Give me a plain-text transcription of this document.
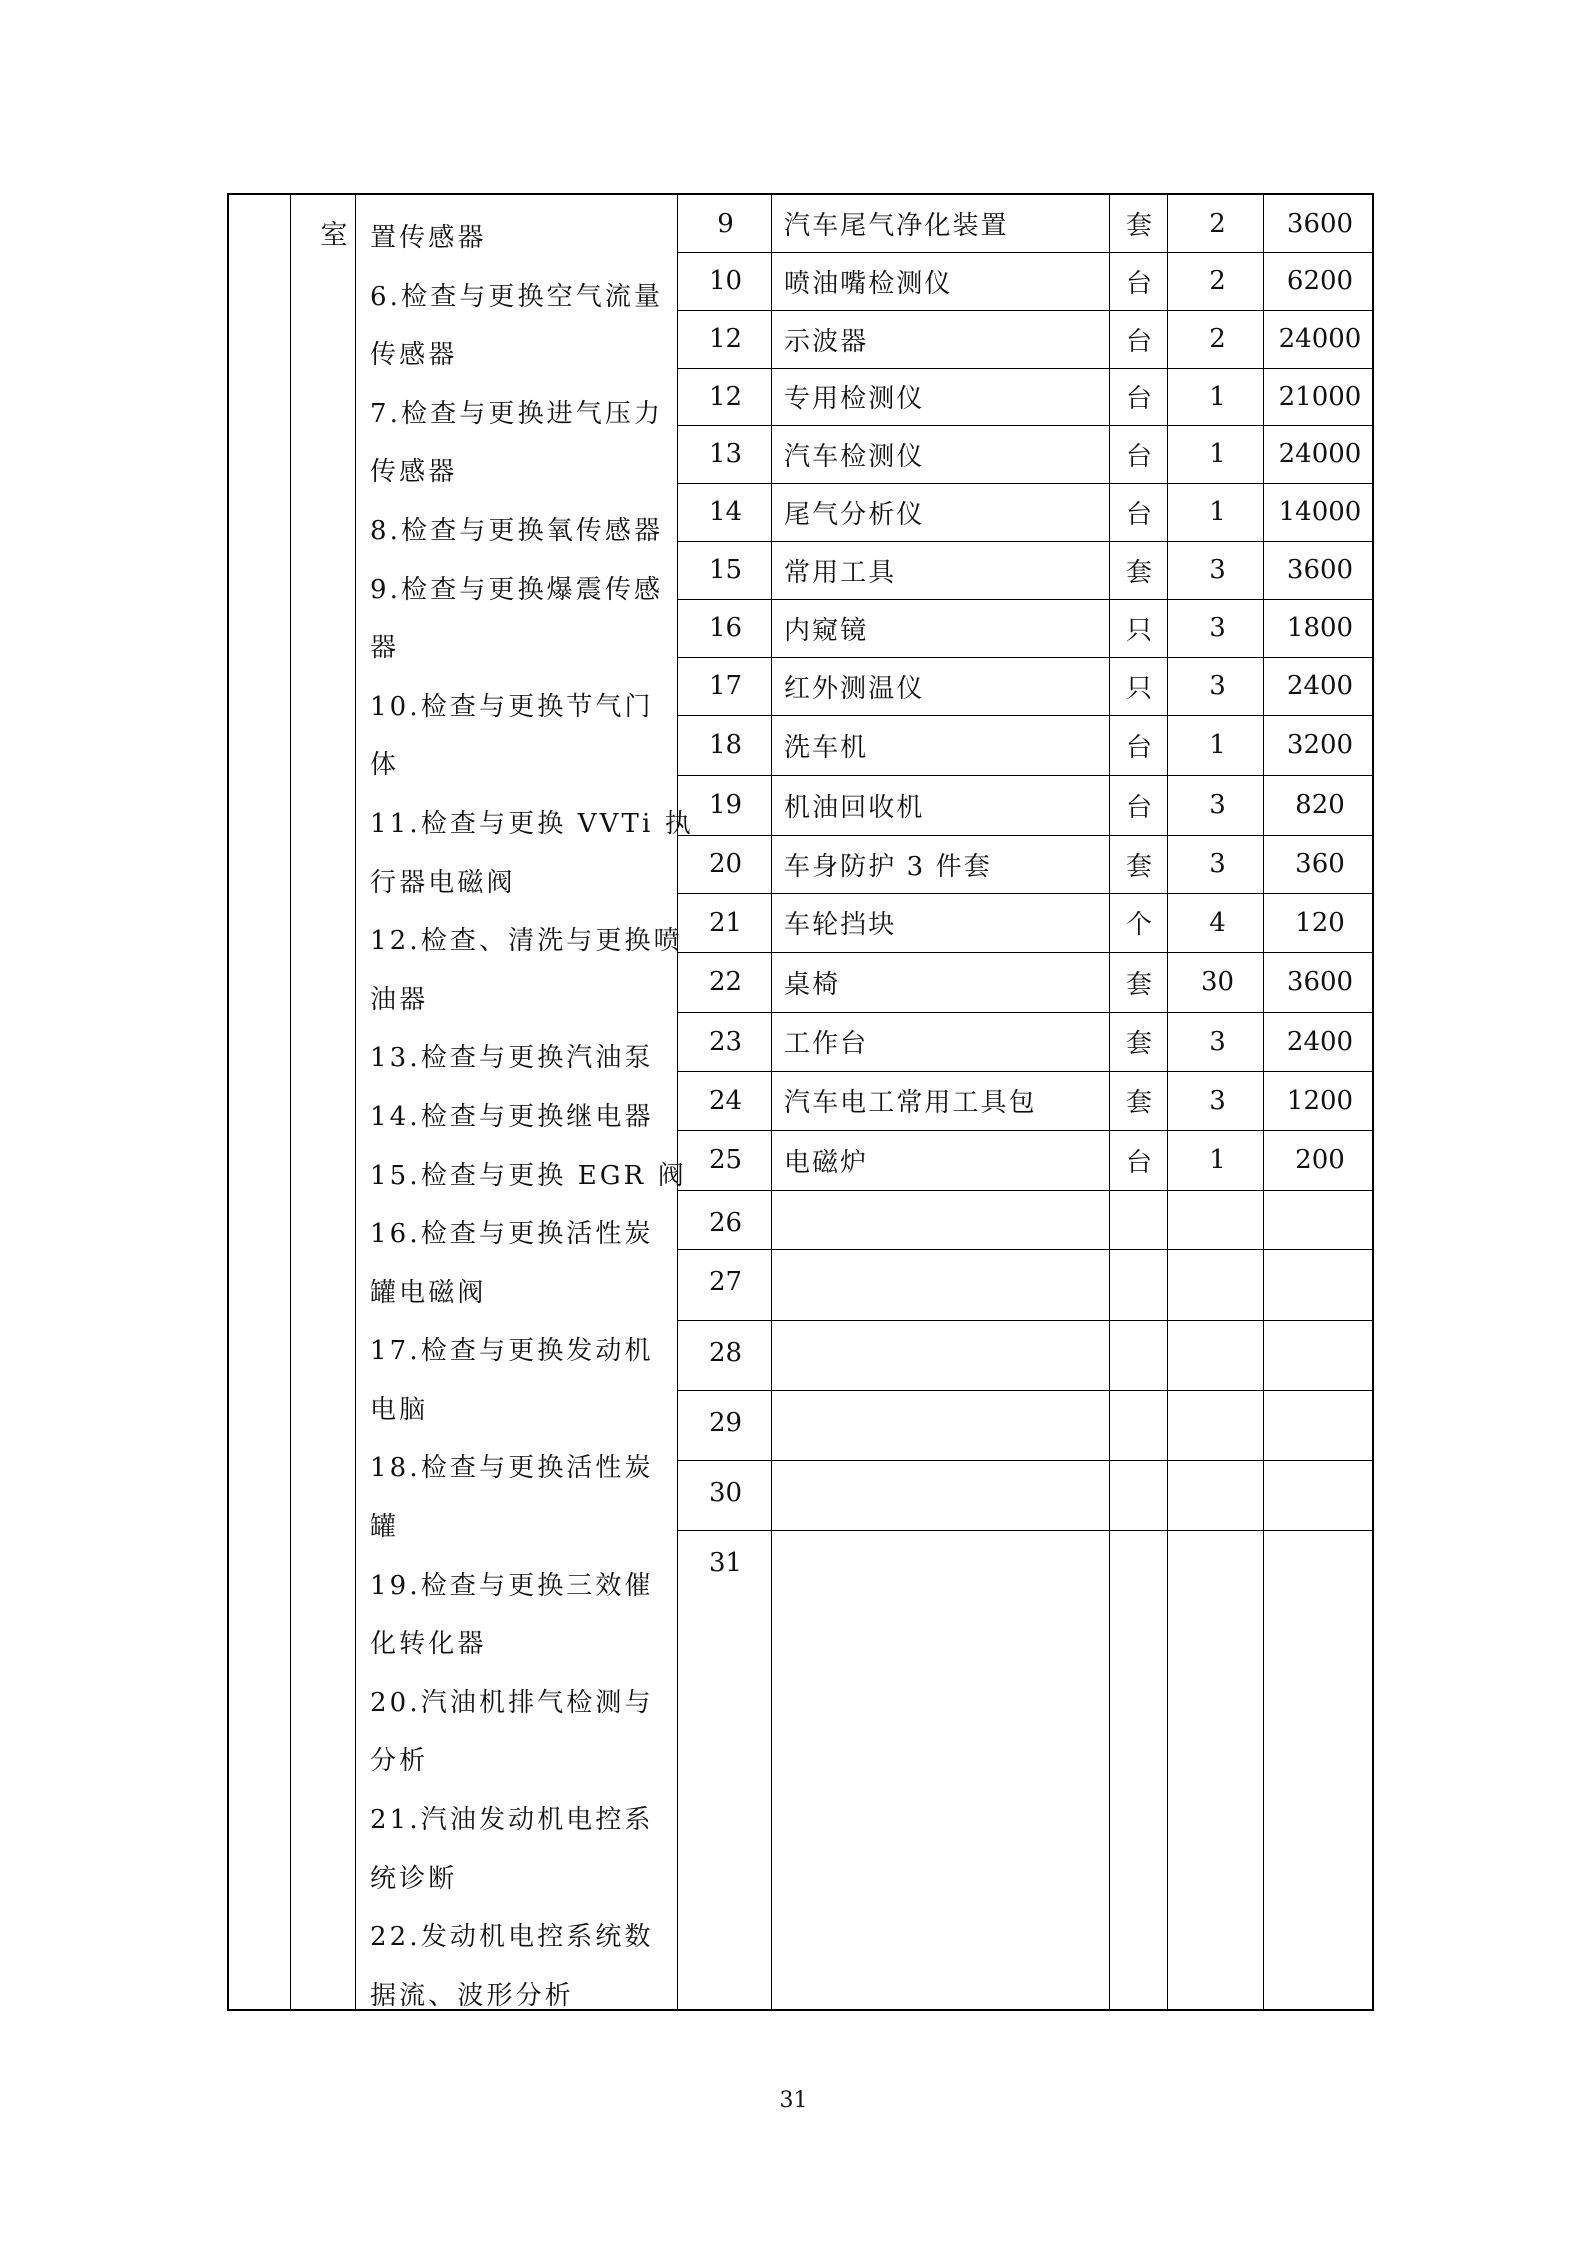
室 置传感器
6.检查与更换空气流量
传感器
7.检查与更换进气压力
传感器
8.检查与更换氧传感器
9.检查与更换爆震传感
器
10.检查与更换节气门
体
11.检查与更换 VVTi 执
行器电磁阀
12.检查、清洗与更换喷
油器
13.检查与更换汽油泵
14.检查与更换继电器
15.检查与更换 EGR 阀
16.检查与更换活性炭
罐电磁阀
17.检查与更换发动机
电脑
18.检查与更换活性炭
罐
19.检查与更换三效催
化转化器
20.汽油机排气检测与
分析
21.汽油发动机电控系
统诊断
22.发动机电控系统数
据流、波形分析
9	汽车尾气净化装置	套	2	3600
10	喷油嘴检测仪	台	2	6200
12	示波器	台	2	24000
12	专用检测仪	台	1	21000
13	汽车检测仪	台	1	24000
14	尾气分析仪	台	1	14000
15	常用工具	套	3	3600
16	内窥镜	只	3	1800
17	红外测温仪	只	3	2400
18	洗车机	台	1	3200
19	机油回收机	台	3	820
20	车身防护 3 件套	套	3	360
21	车轮挡块	个	4	120
22	桌椅	套	30	3600
23	工作台	套	3	2400
24	汽车电工常用工具包	套	3	1200
25	电磁炉	台	1	200
26
27
28
29
30
31
31
